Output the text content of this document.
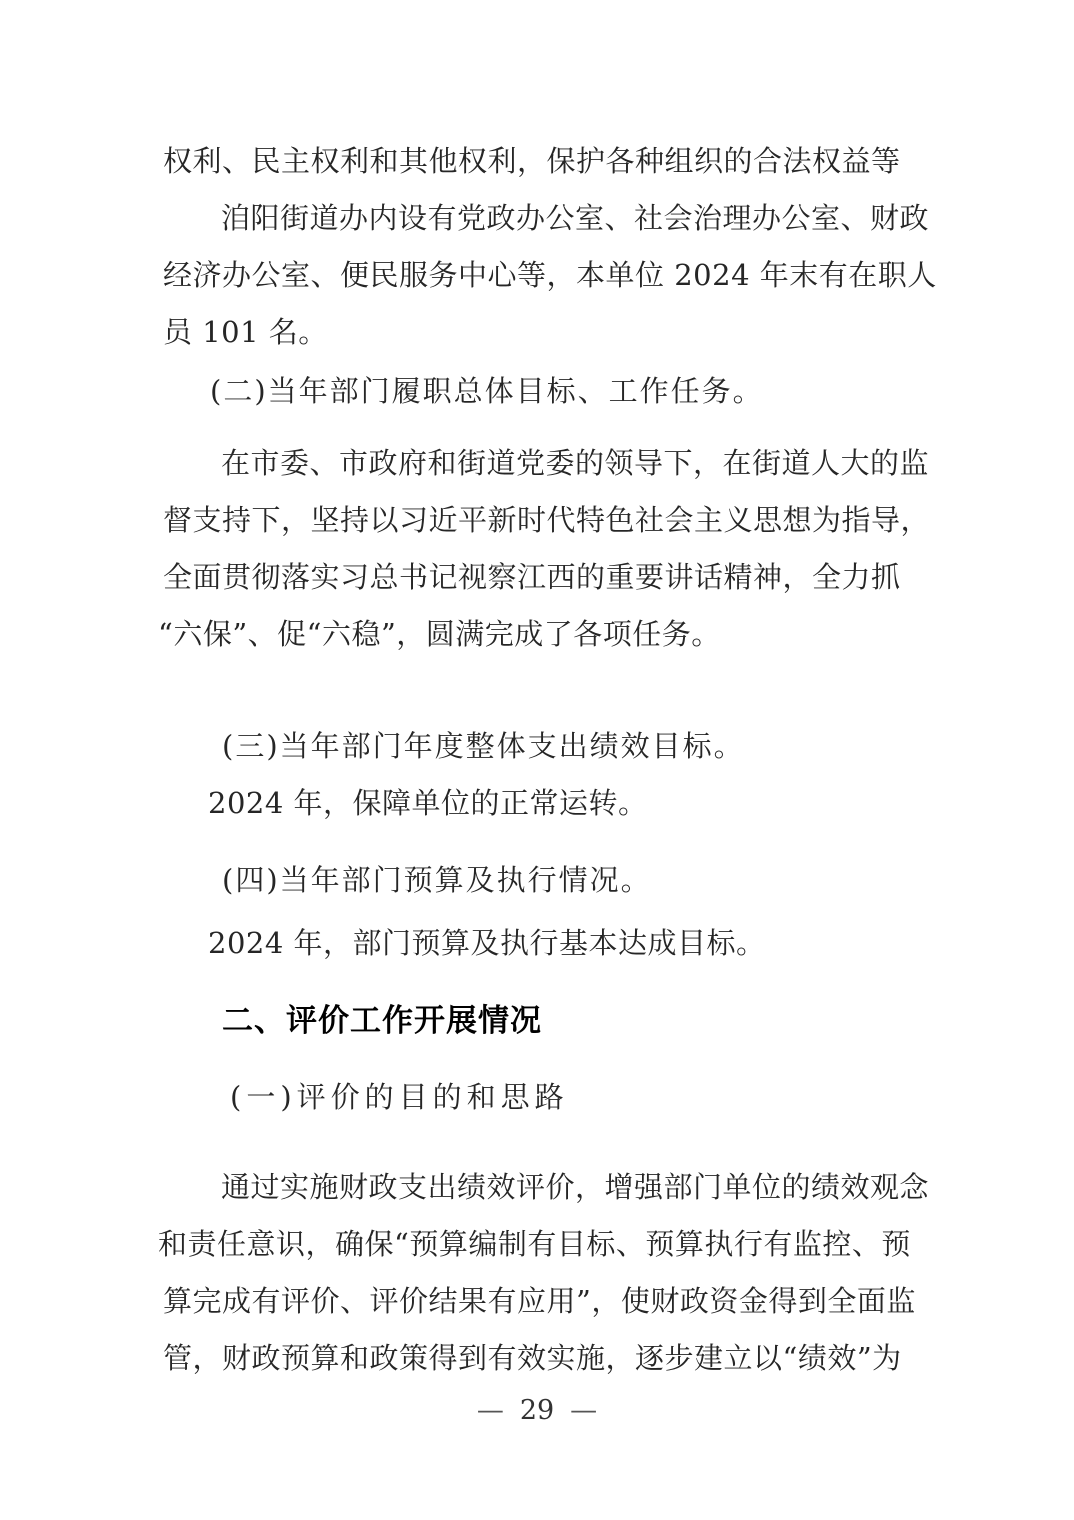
权利、民主权利和其他权利，保护各种组织的合法权益等
洎阳街道办内设有党政办公室、社会治理办公室、财政
经济办公室、便民服务中心等，本单位 2024 年末有在职人
员 101 名。
(二)当年部门履职总体目标、工作任务。
在市委、市政府和街道党委的领导下，在街道人大的监
督支持下，坚持以习近平新时代特色社会主义思想为指导，
全面贯彻落实习总书记视察江西的重要讲话精神，全力抓
“六保”、促“六稳”，圆满完成了各项任务。
(三)当年部门年度整体支出绩效目标。
2024 年，保障单位的正常运转。
(四)当年部门预算及执行情况。
2024 年，部门预算及执行基本达成目标。
二、评价工作开展情况
(一)评价的目的和思路
通过实施财政支出绩效评价，增强部门单位的绩效观念
和责任意识，确保“预算编制有目标、预算执行有监控、预
算完成有评价、评价结果有应用”，使财政资金得到全面监
管，财政预算和政策得到有效实施，逐步建立以“绩效”为
— 29 —
